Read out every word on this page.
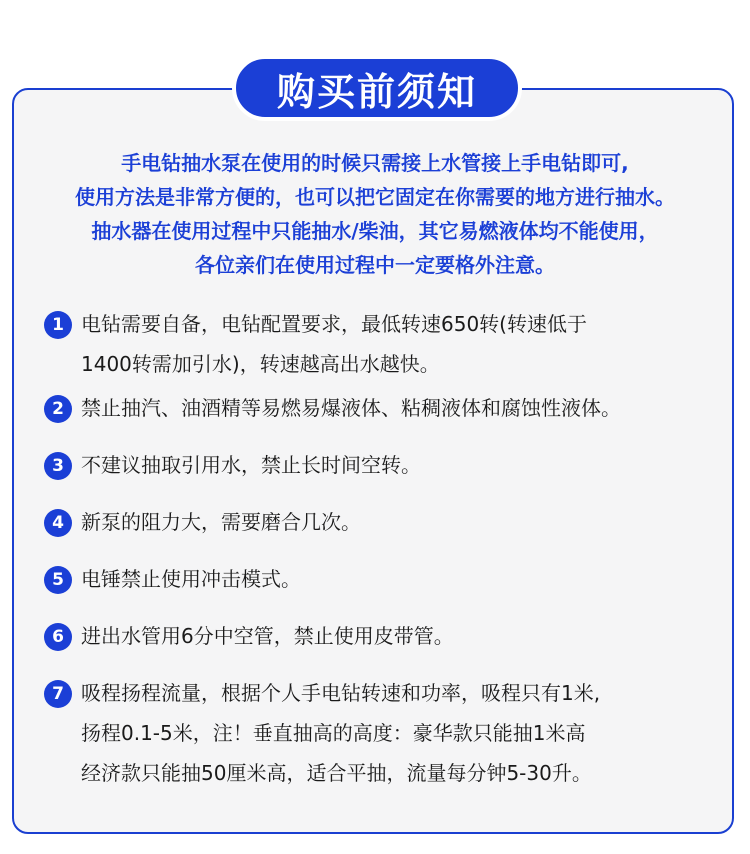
购买前须知
手电钻抽水泵在使用的时候只需接上水管接上手电钻即可,
使用方法是非常方便的，也可以把它固定在你需要的地方进行抽水。
抽水器在使用过程中只能抽水/柴油，其它易燃液体均不能使用，
各位亲们在使用过程中一定要格外注意。
1 电钻需要自备，电钻配置要求，最低转速650转(转速低于
1400转需加引水)，转速越高出水越快。
2 禁止抽汽、油酒精等易燃易爆液体、粘稠液体和腐蚀性液体。
3 不建议抽取引用水，禁止长时间空转。
4 新泵的阻力大，需要磨合几次。
5 电锤禁止使用冲击模式。
6 进出水管用6分中空管，禁止使用皮带管。
7 吸程扬程流量，根据个人手电钻转速和功率，吸程只有1米,
扬程0.1-5米，注！垂直抽高的高度：豪华款只能抽1米高
经济款只能抽50厘米高，适合平抽，流量每分钟5-30升。
